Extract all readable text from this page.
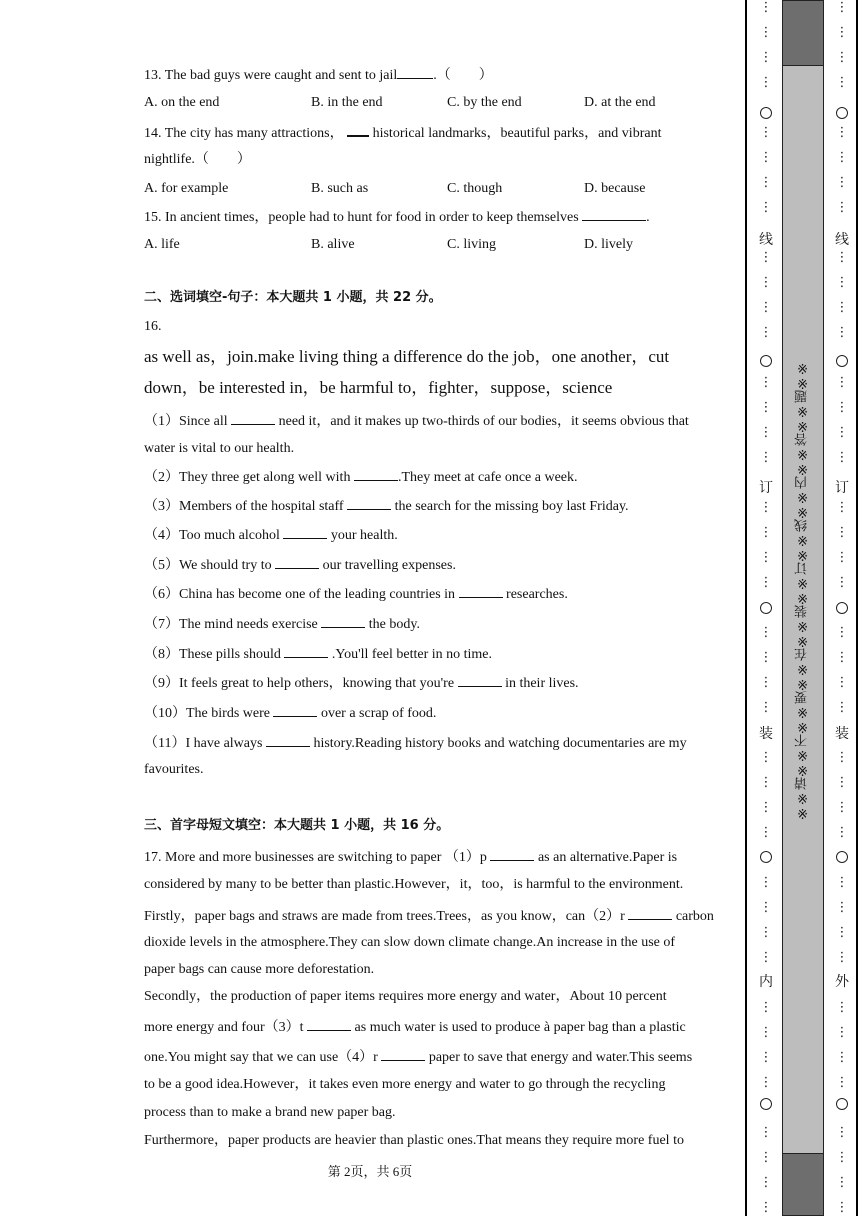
13. The bad guys were caught and sent to jail	.（　　）
A. on the end	B. in the end	C. by the end	D. at the end
14. The city has many attractions， historical landmarks，beautiful parks，and vibrant
nightlife.（　　）
A. for example	B. such as	C. though	D. because
15. In ancient times，people had to hunt for food in order to keep themselves	.
A. life	B. alive	C. living	D. lively
二、选词填空-句子：本大题共 1 小题，共 22 分。
16.
as well as，join.make living thing a difference do the job，one another，cut
down，be interested in，be harmful to，fighter，suppose，science
（1）Since all	need it，and it makes up two-thirds of our bodies，it seems obvious that
water is vital to our health.
（2）They three get along well with	.They meet at cafe once a week.
（3）Members of the hospital staff	the search for the missing boy last Friday.
（4）Too much alcohol	your health.
（5）We should try to	our travelling expenses.
（6）China has become one of the leading countries in	researches.
（7）The mind needs exercise	the body.
（8）These pills should	.You'll feel better in no time.
（9）It feels great to help others，knowing that you're	in their lives.
（10）The birds were	over a scrap of food.
（11）I have always	history.Reading history books and watching documentaries are my
favourites.
三、首字母短文填空：本大题共 1 小题，共 16 分。
17. More and more businesses are switching to paper （1）p	as an alternative.Paper is
considered by many to be better than plastic.However，it，too，is harmful to the environment.
Firstly，paper bags and straws are made from trees.Trees，as you know，can（2）r	carbon
dioxide levels in the atmosphere.They can slow down climate change.An increase in the use of
paper bags can cause more deforestation.
Secondly，the production of paper items requires more energy and water，About 10 percent
more energy and four（3）t	as much water is used to produce à paper bag than a plastic
one.You might say that we can use（4）r	paper to save that energy and water.This seems
to be a good idea.However，it takes even more energy and water to go through the recycling
process than to make a brand new paper bag.
Furthermore，paper products are heavier than plastic ones.That means they require more fuel to
第 2页，共 6页
※※请※※不※※要※※在※※装※※订※※线※※内※※答※※题※※
线
订
装
内
⋮
⋮
⋮
⋮
⋮
⋮
⋮
⋮
⋮
⋮
⋮
⋮
⋮
⋮
⋮
⋮
⋮
⋮
⋮
⋮
⋮
⋮
⋮
⋮
⋮
⋮
⋮
⋮
⋮
⋮
⋮
⋮
⋮
⋮
⋮
⋮
⋮
⋮
⋮
⋮
线
订
装
外
⋮
⋮
⋮
⋮
⋮
⋮
⋮
⋮
⋮
⋮
⋮
⋮
⋮
⋮
⋮
⋮
⋮
⋮
⋮
⋮
⋮
⋮
⋮
⋮
⋮
⋮
⋮
⋮
⋮
⋮
⋮
⋮
⋮
⋮
⋮
⋮
⋮
⋮
⋮
⋮
